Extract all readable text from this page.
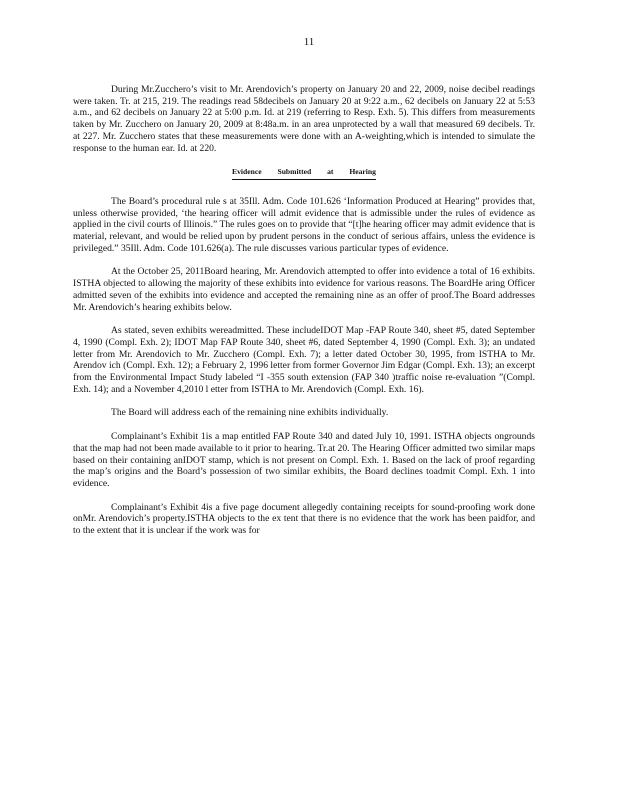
11

During Mr.Zucchero’s visit to Mr. Arendovich’s property on January 20 and 22, 2009, noise decibel readings were taken. Tr. at 215, 219. The readings read 58decibels on January 20 at 9:22 a.m., 62 decibels on January 22 at 5:53 a.m., and 62 decibels on January 22 at 5:00 p.m. Id. at 219 (referring to Resp. Exh. 5). This differs from measurements taken by Mr. Zucchero on January 20, 2009 at 8:48a.m. in an area unprotected by a wall that measured 69 decibels. Tr. at 227. Mr. Zucchero states that these measurements were done with an A-weighting,which is intended to simulate the response to the human ear. Id. at 220.

Evidence Submitted at Hearing

The Board’s procedural rule s at 35Ill. Adm. Code 101.626 ‘Information Produced at Hearing” provides that, unless otherwise provided, ‘the hearing officer will admit evidence that is admissible under the rules of evidence as applied in the civil courts of Illinois.” The rules goes on to provide that “[t]he hearing officer may admit evidence that is material, relevant, and would be relied upon by prudent persons in the conduct of serious affairs, unless the evidence is privileged.” 35Ill. Adm. Code 101.626(a). The rule discusses various particular types of evidence.

At the October 25, 2011Board hearing, Mr. Arendovich attempted to offer into evidence a total of 16 exhibits. ISTHA objected to allowing the majority of these exhibits into evidence for various reasons. The BoardHe aring Officer admitted seven of the exhibits into evidence and accepted the remaining nine as an offer of proof.The Board addresses Mr. Arendovich’s hearing exhibits below.

As stated, seven exhibits wereadmitted. These includeIDOT Map -FAP Route 340, sheet #5, dated September 4, 1990 (Compl. Exh. 2); IDOT Map FAP Route 340, sheet #6, dated September 4, 1990 (Compl. Exh. 3); an undated letter from Mr. Arendovich to Mr. Zucchero (Compl. Exh. 7); a letter dated October 30, 1995, from ISTHA to Mr. Arendov ich (Compl. Exh. 12); a February 2, 1996 letter from former Governor Jim Edgar (Compl. Exh. 13); an excerpt from the Environmental Impact Study labeled “I -355 south extension (FAP 340 )traffic noise re-evaluation ”(Compl. Exh. 14); and a November 4,2010 l etter from ISTHA to Mr. Arendovich (Compl. Exh. 16).

The Board will address each of the remaining nine exhibits individually.

Complainant’s Exhibit 1is a map entitled FAP Route 340 and dated July 10, 1991. ISTHA objects ongrounds that the map had not been made available to it prior to hearing. Tr.at 20. The Hearing Officer admitted two similar maps based on their containing anIDOT stamp, which is not present on Compl. Exh. 1. Based on the lack of proof regarding the map’s origins and the Board’s possession of two similar exhibits, the Board declines toadmit Compl. Exh. 1 into evidence.

Complainant’s Exhibit 4is a five page document allegedly containing receipts for sound-proofing work done onMr. Arendovich’s property.ISTHA objects to the ex tent that there is no evidence that the work has been paidfor, and to the extent that it is unclear if the work was for
